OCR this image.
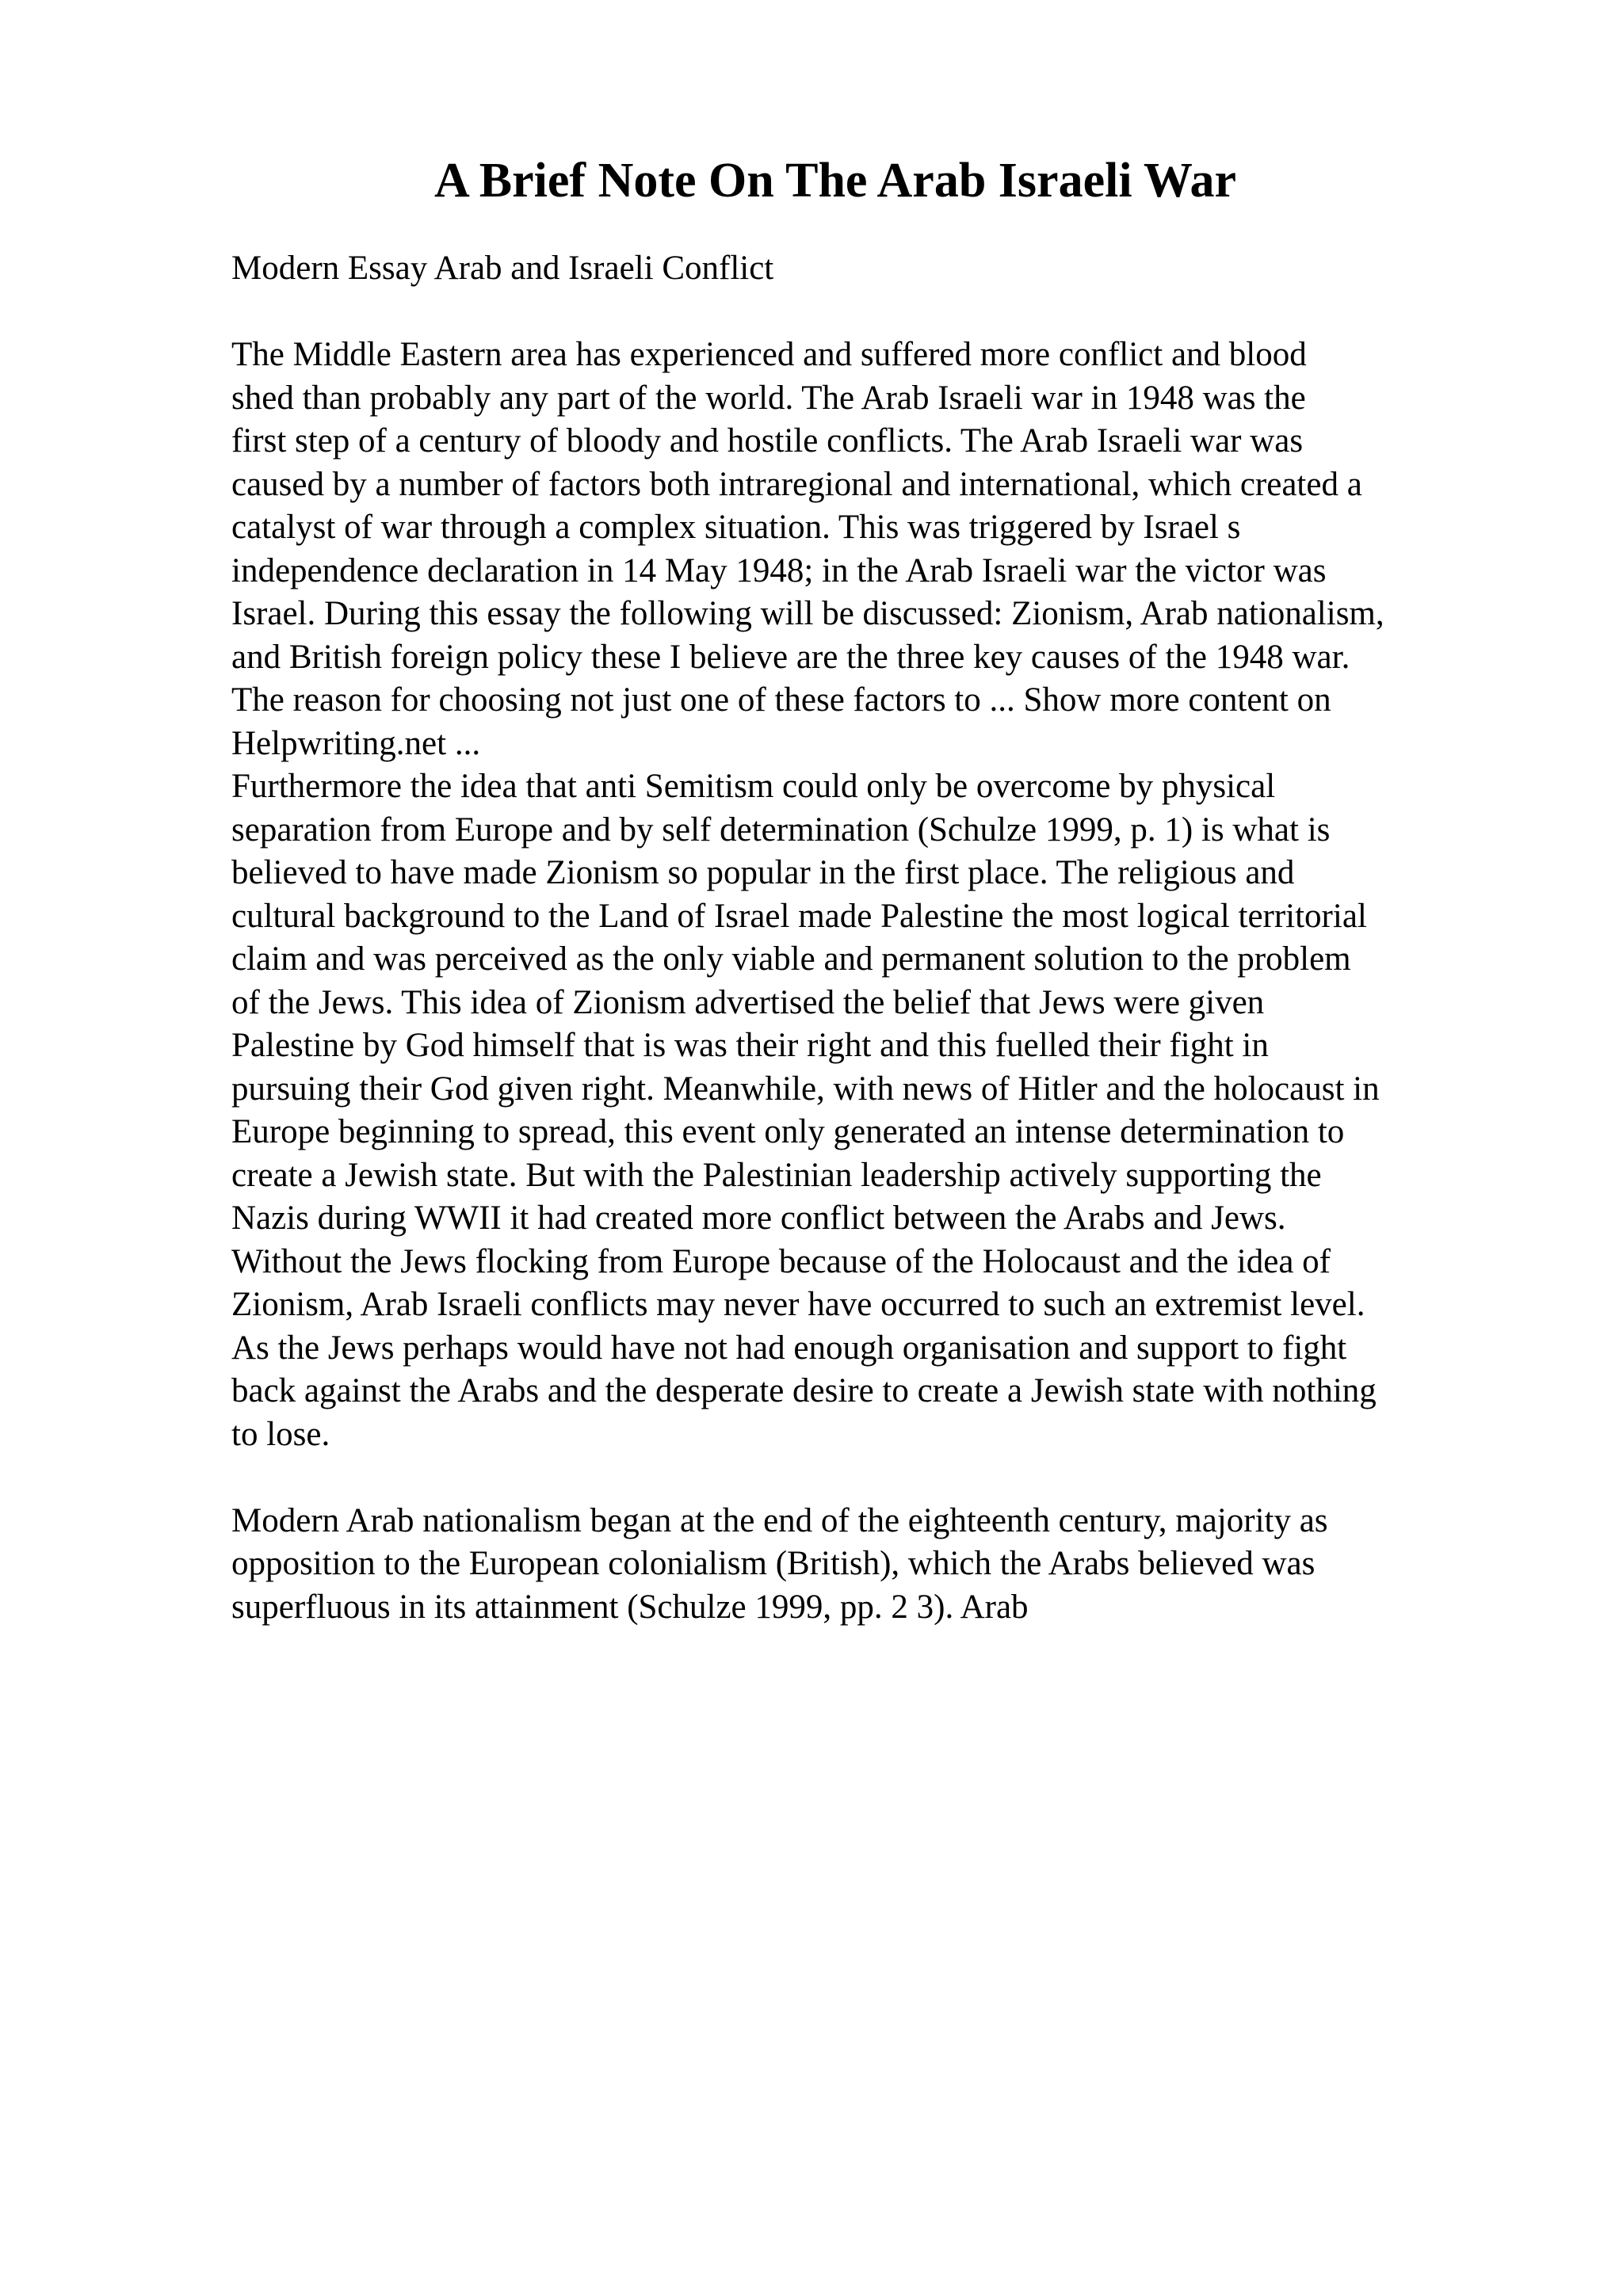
A Brief Note On The Arab Israeli War
Modern Essay Arab and Israeli Conflict
The Middle Eastern area has experienced and suffered more conflict and blood
shed than probably any part of the world. The Arab Israeli war in 1948 was the
first step of a century of bloody and hostile conflicts. The Arab Israeli war was
caused by a number of factors both intraregional and international, which created a
catalyst of war through a complex situation. This was triggered by Israel s
independence declaration in 14 May 1948; in the Arab Israeli war the victor was
Israel. During this essay the following will be discussed: Zionism, Arab nationalism,
and British foreign policy these I believe are the three key causes of the 1948 war.
The reason for choosing not just one of these factors to ... Show more content on
Helpwriting.net ...
Furthermore the idea that anti Semitism could only be overcome by physical
separation from Europe and by self determination (Schulze 1999, p. 1) is what is
believed to have made Zionism so popular in the first place. The religious and
cultural background to the Land of Israel made Palestine the most logical territorial
claim and was perceived as the only viable and permanent solution to the problem
of the Jews. This idea of Zionism advertised the belief that Jews were given
Palestine by God himself that is was their right and this fuelled their fight in
pursuing their God given right. Meanwhile, with news of Hitler and the holocaust in
Europe beginning to spread, this event only generated an intense determination to
create a Jewish state. But with the Palestinian leadership actively supporting the
Nazis during WWII it had created more conflict between the Arabs and Jews.
Without the Jews flocking from Europe because of the Holocaust and the idea of
Zionism, Arab Israeli conflicts may never have occurred to such an extremist level.
As the Jews perhaps would have not had enough organisation and support to fight
back against the Arabs and the desperate desire to create a Jewish state with nothing
to lose.
Modern Arab nationalism began at the end of the eighteenth century, majority as
opposition to the European colonialism (British), which the Arabs believed was
superfluous in its attainment (Schulze 1999, pp. 2 3). Arab
